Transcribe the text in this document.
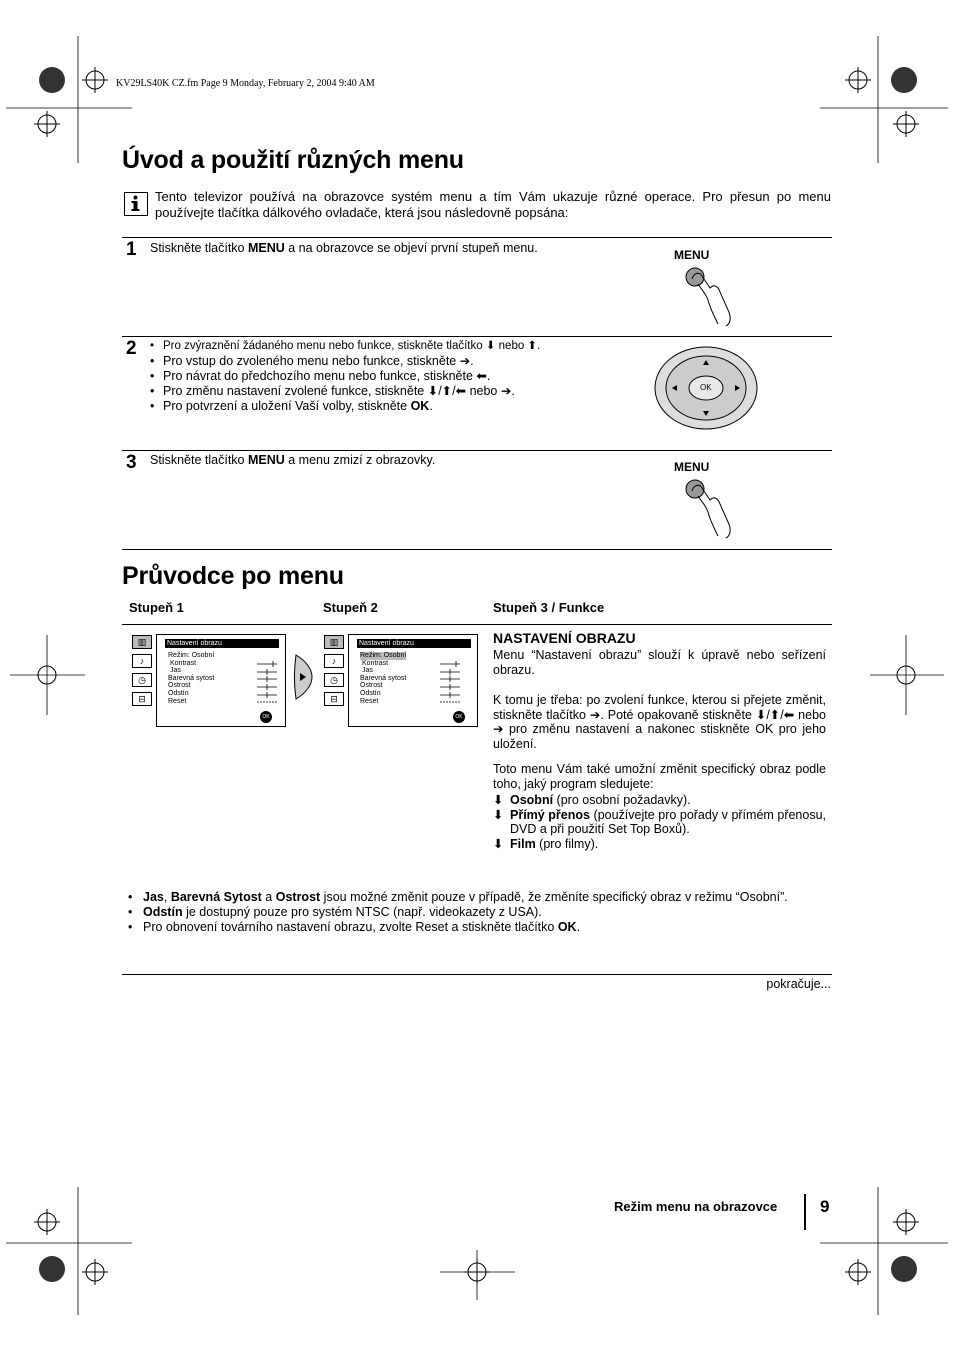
KV29LS40K CZ.fm Page 9 Monday, February 2, 2004 9:40 AM
Úvod a použití různých menu
Tento televizor používá na obrazovce systém menu a tím Vám ukazuje různé operace. Pro přesun po menu používejte tlačítka dálkového ovladače, která jsou následovně popsána:
1 Stiskněte tlačítko MENU a na obrazovce se objeví první stupeň menu.	MENU
2
•	Pro zvýraznění žádaného menu nebo funkce, stiskněte tlačítko ⬇ nebo ⬆.
• Pro vstup do zvoleného menu nebo funkce, stiskněte ➔.
• Pro návrat do předchozího menu nebo funkce, stiskněte ⬅.
• Pro změnu nastavení zvolené funkce, stiskněte ⬇/⬆/⬅ nebo ➔.
• Pro potvrzení a uložení Vaší volby, stiskněte OK.
OK
3 Stiskněte tlačítko MENU a menu zmizí z obrazovky.	MENU
Průvodce po menu
Stupeň 1	Stupeň 2	Stupeň 3 / Funkce
▥
♪
◷
⊟
Nastavení obrazu
Režim: Osobní
Kontrast
Jas
Barevná sytost
Ostrost
Odstín
Reset
OK
▥
♪
◷
⊟
Nastavení obrazu
Režim: Osobní
Kontrast
Jas
Barevná sytost
Ostrost
Odstín
Reset
OK
NASTAVENÍ OBRAZU
Menu “Nastavení obrazu” slouží k úpravě nebo seřízení obrazu.
K tomu je třeba: po zvolení funkce, kterou si přejete změnit, stiskněte tlačítko ➔. Poté opakovaně stiskněte ⬇/⬆/⬅ nebo ➔ pro změnu nastavení a nakonec stiskněte OK pro jeho uložení.
Toto menu Vám také umožní změnit specifický obraz podle toho, jaký program sledujete:
⬇ Osobní (pro osobní požadavky).
⬇ Přímý přenos (používejte pro pořady v přímém přenosu, DVD a při použití Set Top Boxů).
⬇ Film (pro filmy).
• Jas, Barevná Sytost a Ostrost jsou možné změnit pouze v případě, že změníte specifický obraz v režimu “Osobní”.
• Odstín je dostupný pouze pro systém NTSC (např. videokazety z USA).
• Pro obnovení továrního nastavení obrazu, zvolte Reset a stiskněte tlačítko OK.
pokračuje...
Režim menu na obrazovce	9
